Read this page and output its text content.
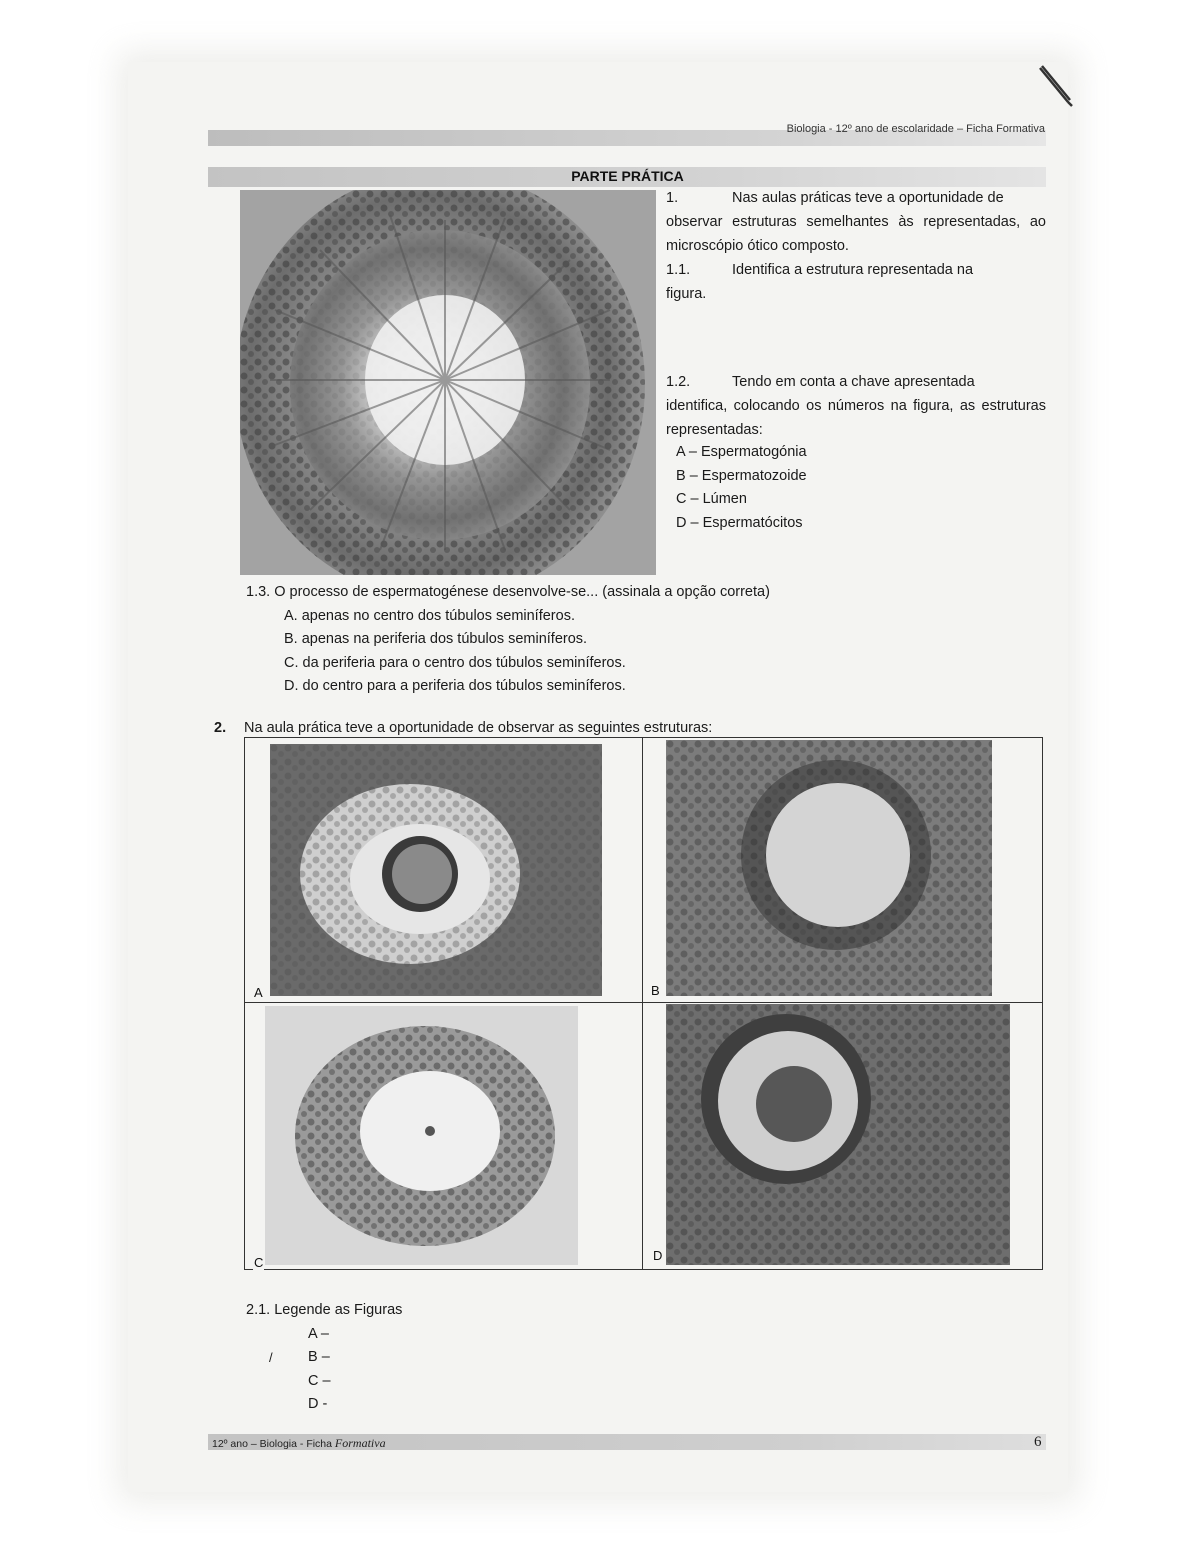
Biologia - 12º ano de escolaridade – Ficha Formativa
PARTE PRÁTICA

1.	Nas aulas práticas teve a oportunidade de

observar estruturas semelhantes às representadas, ao microscópio ótico composto.

1.1.	Identifica a estrutura representada na

figura.

1.2.	Tendo em conta a chave apresentada

identifica, colocando os números na figura, as estruturas representadas:

A – Espermatogónia
B – Espermatozoide
C – Lúmen
D – Espermatócitos
1.3. O processo de espermatogénese desenvolve-se... (assinala a opção correta)
A. apenas no centro dos túbulos seminíferos.
B. apenas na periferia dos túbulos seminíferos.
C. da periferia para o centro dos túbulos seminíferos.
D. do centro para a periferia dos túbulos seminíferos.
2. Na aula prática teve a oportunidade de observar as seguintes estruturas:
A	B
C	D
2.1. Legende as Figuras
A –
B –
C –
D -
/
12º ano – Biologia - Ficha Formativa	6
